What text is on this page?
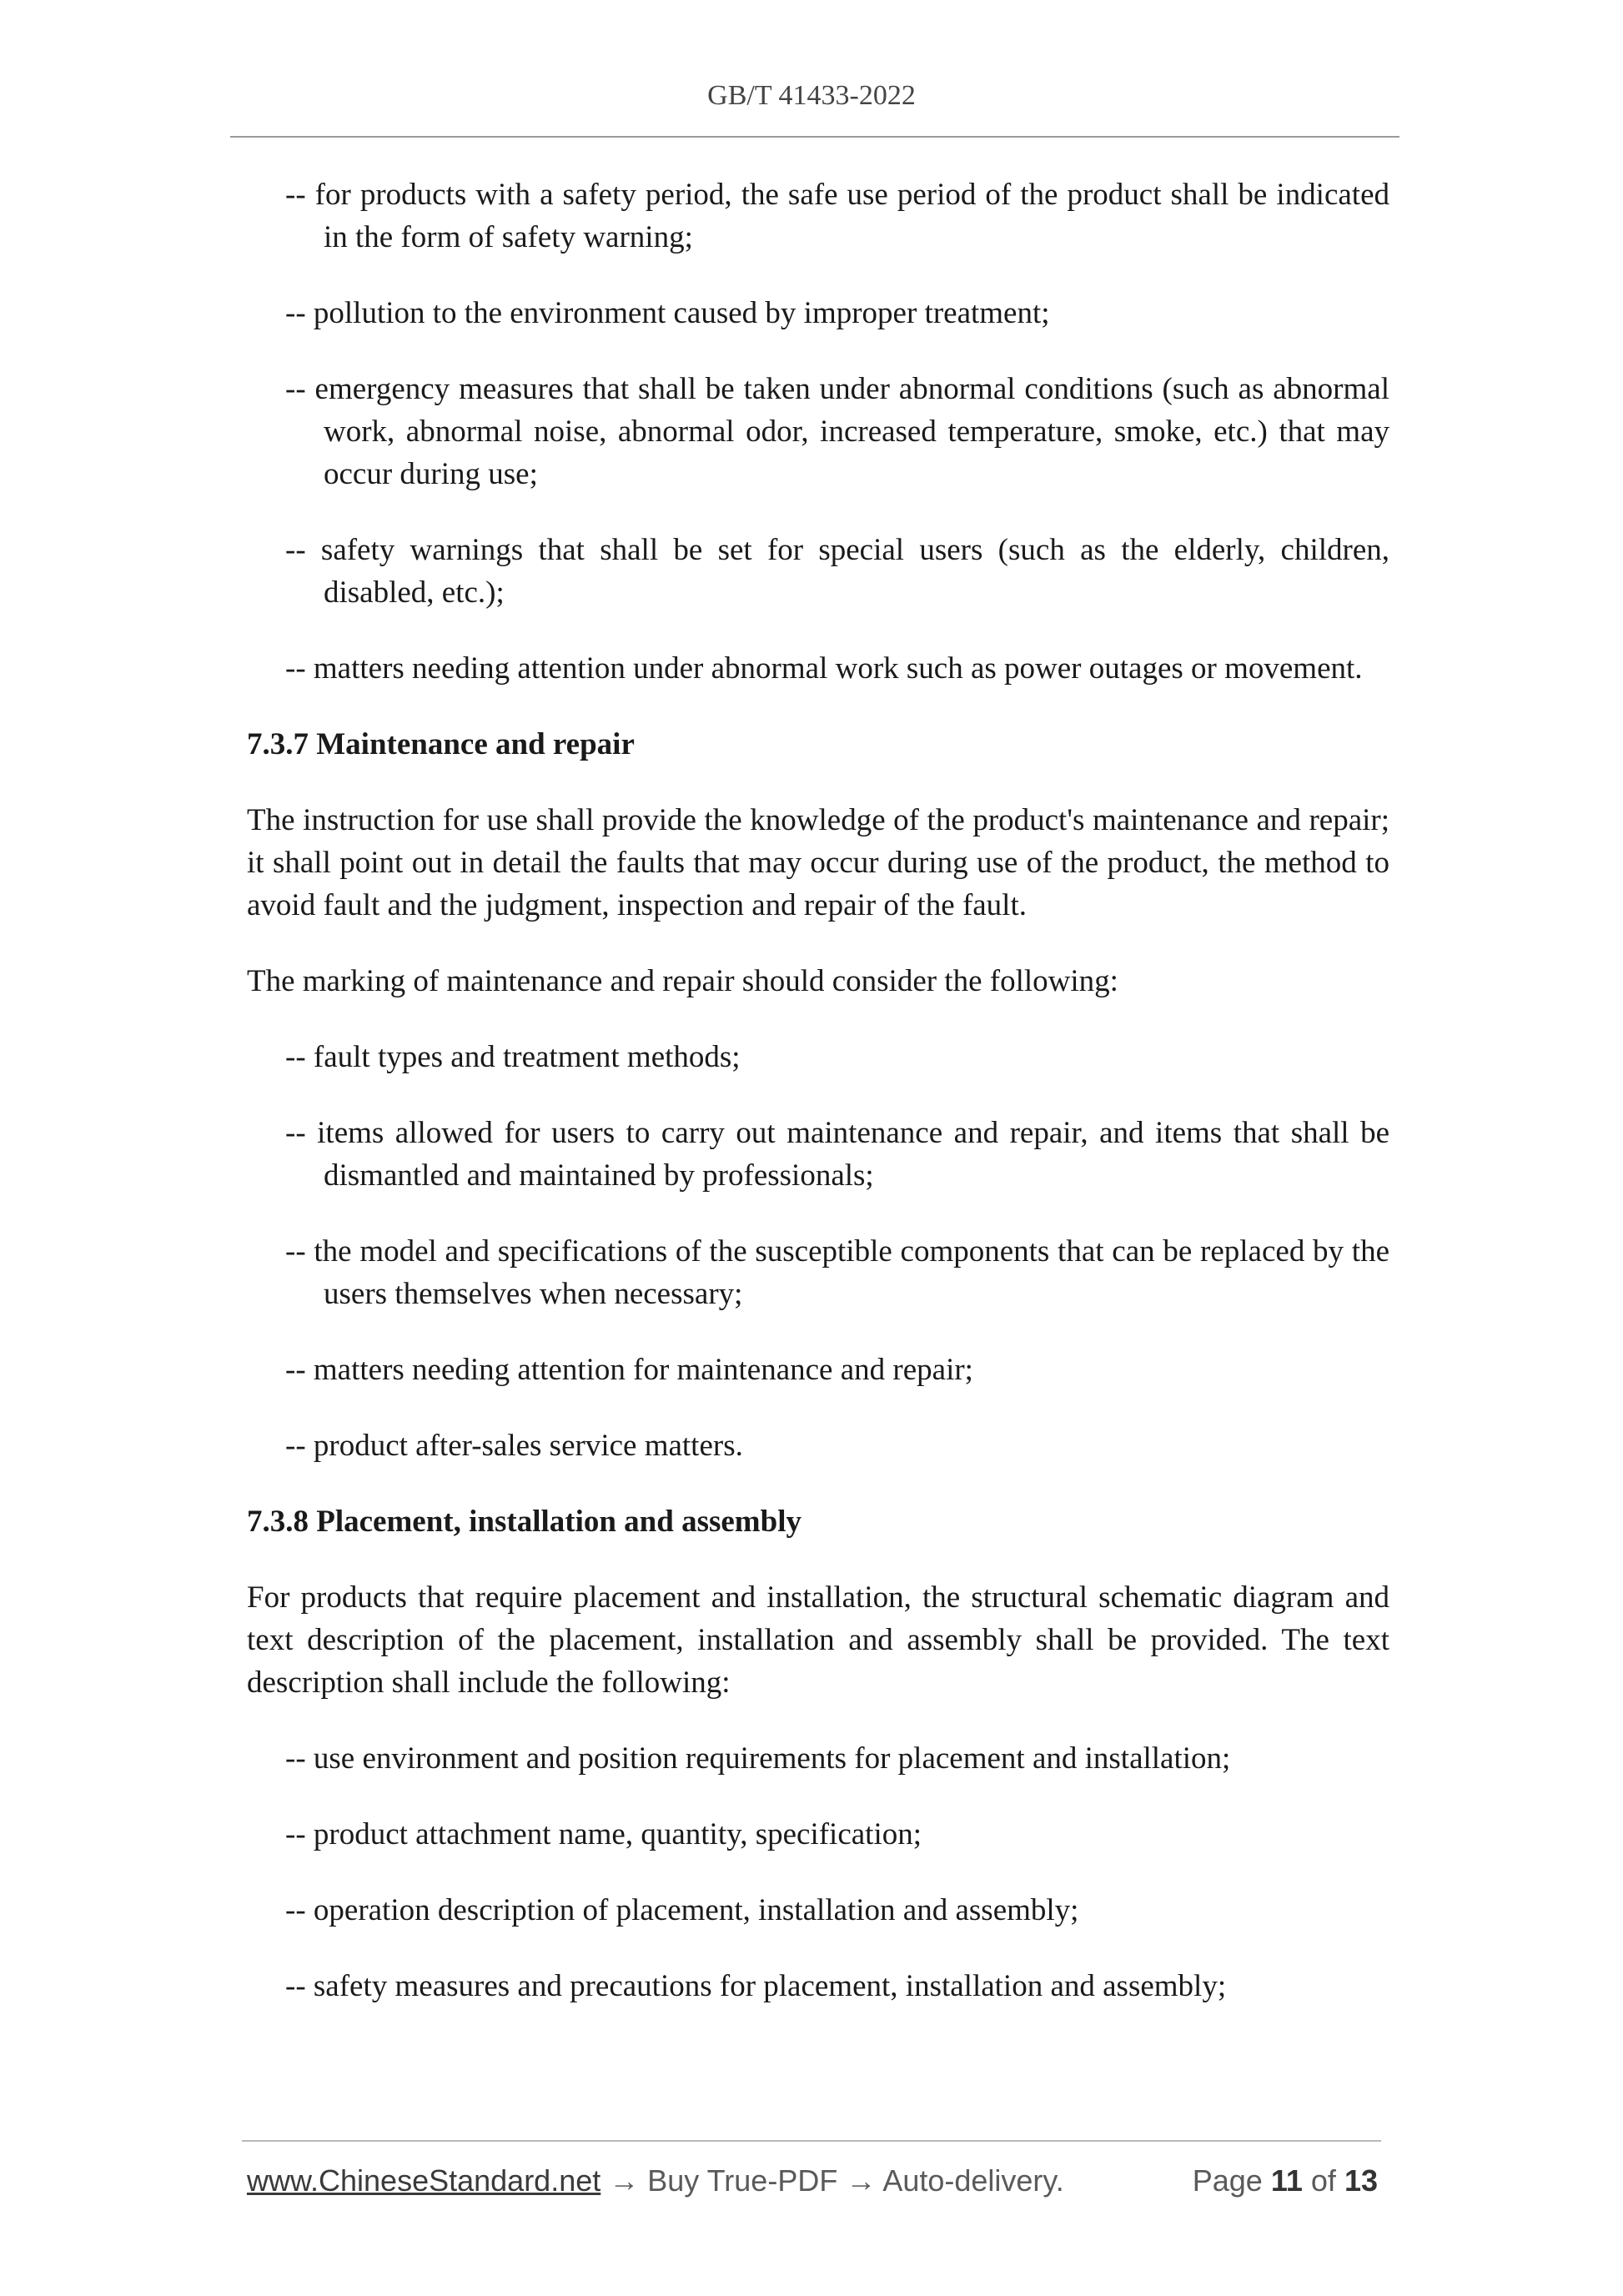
GB/T 41433-2022

-- for products with a safety period, the safe use period of the product shall be indicated in the form of safety warning;

-- pollution to the environment caused by improper treatment;

-- emergency measures that shall be taken under abnormal conditions (such as abnormal work, abnormal noise, abnormal odor, increased temperature, smoke, etc.) that may occur during use;

-- safety warnings that shall be set for special users (such as the elderly, children, disabled, etc.);

-- matters needing attention under abnormal work such as power outages or movement.

7.3.7 Maintenance and repair

The instruction for use shall provide the knowledge of the product's maintenance and repair; it shall point out in detail the faults that may occur during use of the product, the method to avoid fault and the judgment, inspection and repair of the fault.

The marking of maintenance and repair should consider the following:

-- fault types and treatment methods;

-- items allowed for users to carry out maintenance and repair, and items that shall be dismantled and maintained by professionals;

-- the model and specifications of the susceptible components that can be replaced by the users themselves when necessary;

-- matters needing attention for maintenance and repair;

-- product after-sales service matters.

7.3.8 Placement, installation and assembly

For products that require placement and installation, the structural schematic diagram and text description of the placement, installation and assembly shall be provided. The text description shall include the following:

-- use environment and position requirements for placement and installation;

-- product attachment name, quantity, specification;

-- operation description of placement, installation and assembly;

-- safety measures and precautions for placement, installation and assembly;

www.ChineseStandard.net → Buy True-PDF → Auto-delivery.	Page 11 of 13
